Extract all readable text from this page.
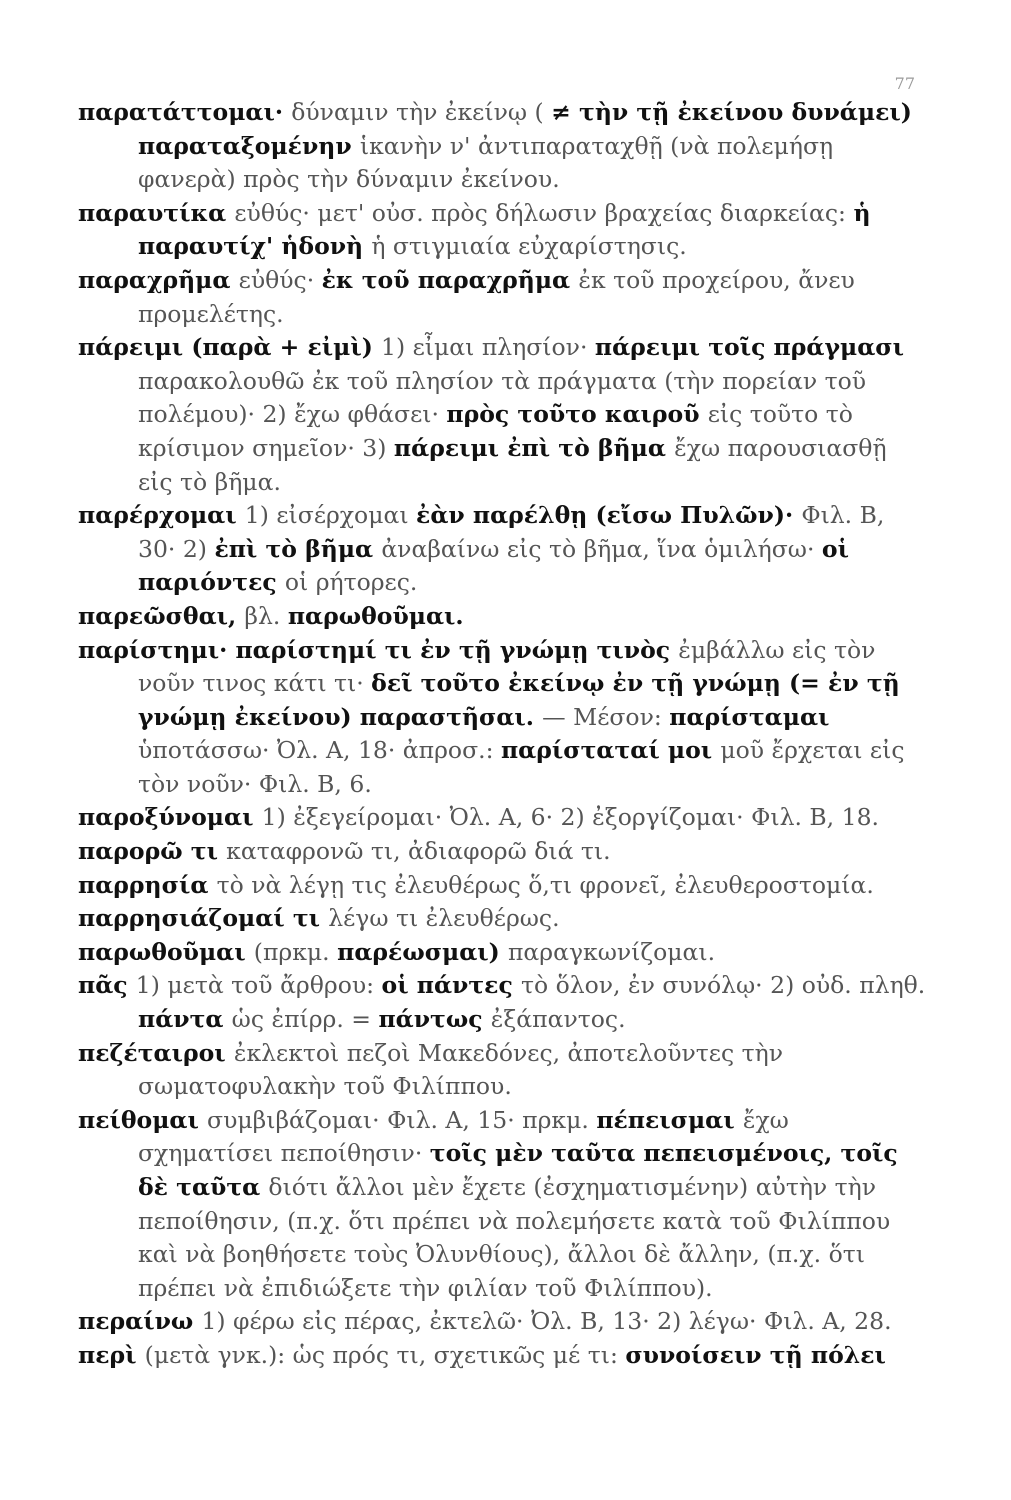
77

παρατάττομαι· δύναμιν τὴν ἐκείνῳ ( ≠ τὴν τῇ ἐκείνου δυνάμει) παραταξομένην ἱκανὴν ν' ἀντιπαραταχθῇ (νὰ πολεμήσῃ φανερὰ) πρὸς τὴν δύναμιν ἐκείνου.

παραυτίκα εὐθύς· μετ' οὐσ. πρὸς δήλωσιν βραχείας διαρκείας: ἡ παραυτίχ' ἡδονὴ ἡ στιγμιαία εὐχαρίστησις.

παραχρῆμα εὐθύς· ἐκ τοῦ παραχρῆμα ἐκ τοῦ προχείρου, ἄνευ προμελέτης.

πάρειμι (παρὰ + εἰμὶ) 1) εἶμαι πλησίον· πάρειμι τοῖς πράγμασι παρακολουθῶ ἐκ τοῦ πλησίον τὰ πράγματα (τὴν πορείαν τοῦ πολέμου)· 2) ἔχω φθάσει· πρὸς τοῦτο καιροῦ εἰς τοῦτο τὸ κρίσιμον σημεῖον· 3) πάρειμι ἐπὶ τὸ βῆμα ἔχω παρουσιασθῇ εἰς τὸ βῆμα.

παρέρχομαι 1) εἰσέρχομαι ἐὰν παρέλθῃ (εἴσω Πυλῶν)· Φιλ. Β, 30· 2) ἐπὶ τὸ βῆμα ἀναβαίνω εἰς τὸ βῆμα, ἵνα ὁμιλήσω· οἱ παριόντες οἱ ρήτορες.

παρεῶσθαι, βλ. παρωθοῦμαι.

παρίστημι· παρίστημί τι ἐν τῇ γνώμῃ τινὸς ἐμβάλλω εἰς τὸν νοῦν τινος κάτι τι· δεῖ τοῦτο ἐκείνῳ ἐν τῇ γνώμῃ (= ἐν τῇ γνώμῃ ἐκείνου) παραστῆσαι. — Μέσον: παρίσταμαι ὑποτάσσω· Ὀλ. Α, 18· ἀπροσ.: παρίσταταί μοι μοῦ ἔρχεται εἰς τὸν νοῦν· Φιλ. Β, 6.

παροξύνομαι 1) ἐξεγείρομαι· Ὀλ. Α, 6· 2) ἐξοργίζομαι· Φιλ. Β, 18.

παρορῶ τι καταφρονῶ τι, ἀδιαφορῶ διά τι.

παρρησία τὸ νὰ λέγῃ τις ἐλευθέρως ὅ,τι φρονεῖ, ἐλευθεροστομία.

παρρησιάζομαί τι λέγω τι ἐλευθέρως.

παρωθοῦμαι (πρκμ. παρέωσμαι) παραγκωνίζομαι.

πᾶς 1) μετὰ τοῦ ἄρθρου: οἱ πάντες τὸ ὅλον, ἐν συνόλῳ· 2) οὐδ. πληθ. πάντα ὡς ἐπίρρ. = πάντως ἐξάπαντος.

πεζέταιροι ἐκλεκτοὶ πεζοὶ Μακεδόνες, ἀποτελοῦντες τὴν σωματοφυλακὴν τοῦ Φιλίππου.

πείθομαι συμβιβάζομαι· Φιλ. Α, 15· πρκμ. πέπεισμαι ἔχω σχηματίσει πεποίθησιν· τοῖς μὲν ταῦτα πεπεισμένοις, τοῖς δὲ ταῦτα διότι ἄλλοι μὲν ἔχετε (ἐσχηματισμένην) αὐτὴν τὴν πεποίθησιν, (π.χ. ὅτι πρέπει νὰ πολεμήσετε κατὰ τοῦ Φιλίππου καὶ νὰ βοηθήσετε τοὺς Ὀλυνθίους), ἄλλοι δὲ ἄλλην, (π.χ. ὅτι πρέπει νὰ ἐπιδιώξετε τὴν φιλίαν τοῦ Φιλίππου).

περαίνω 1) φέρω εἰς πέρας, ἐκτελῶ· Ὀλ. Β, 13· 2) λέγω· Φιλ. Α, 28.

περὶ (μετὰ γνκ.): ὡς πρός τι, σχετικῶς μέ τι: συνοίσειν τῇ πόλει
